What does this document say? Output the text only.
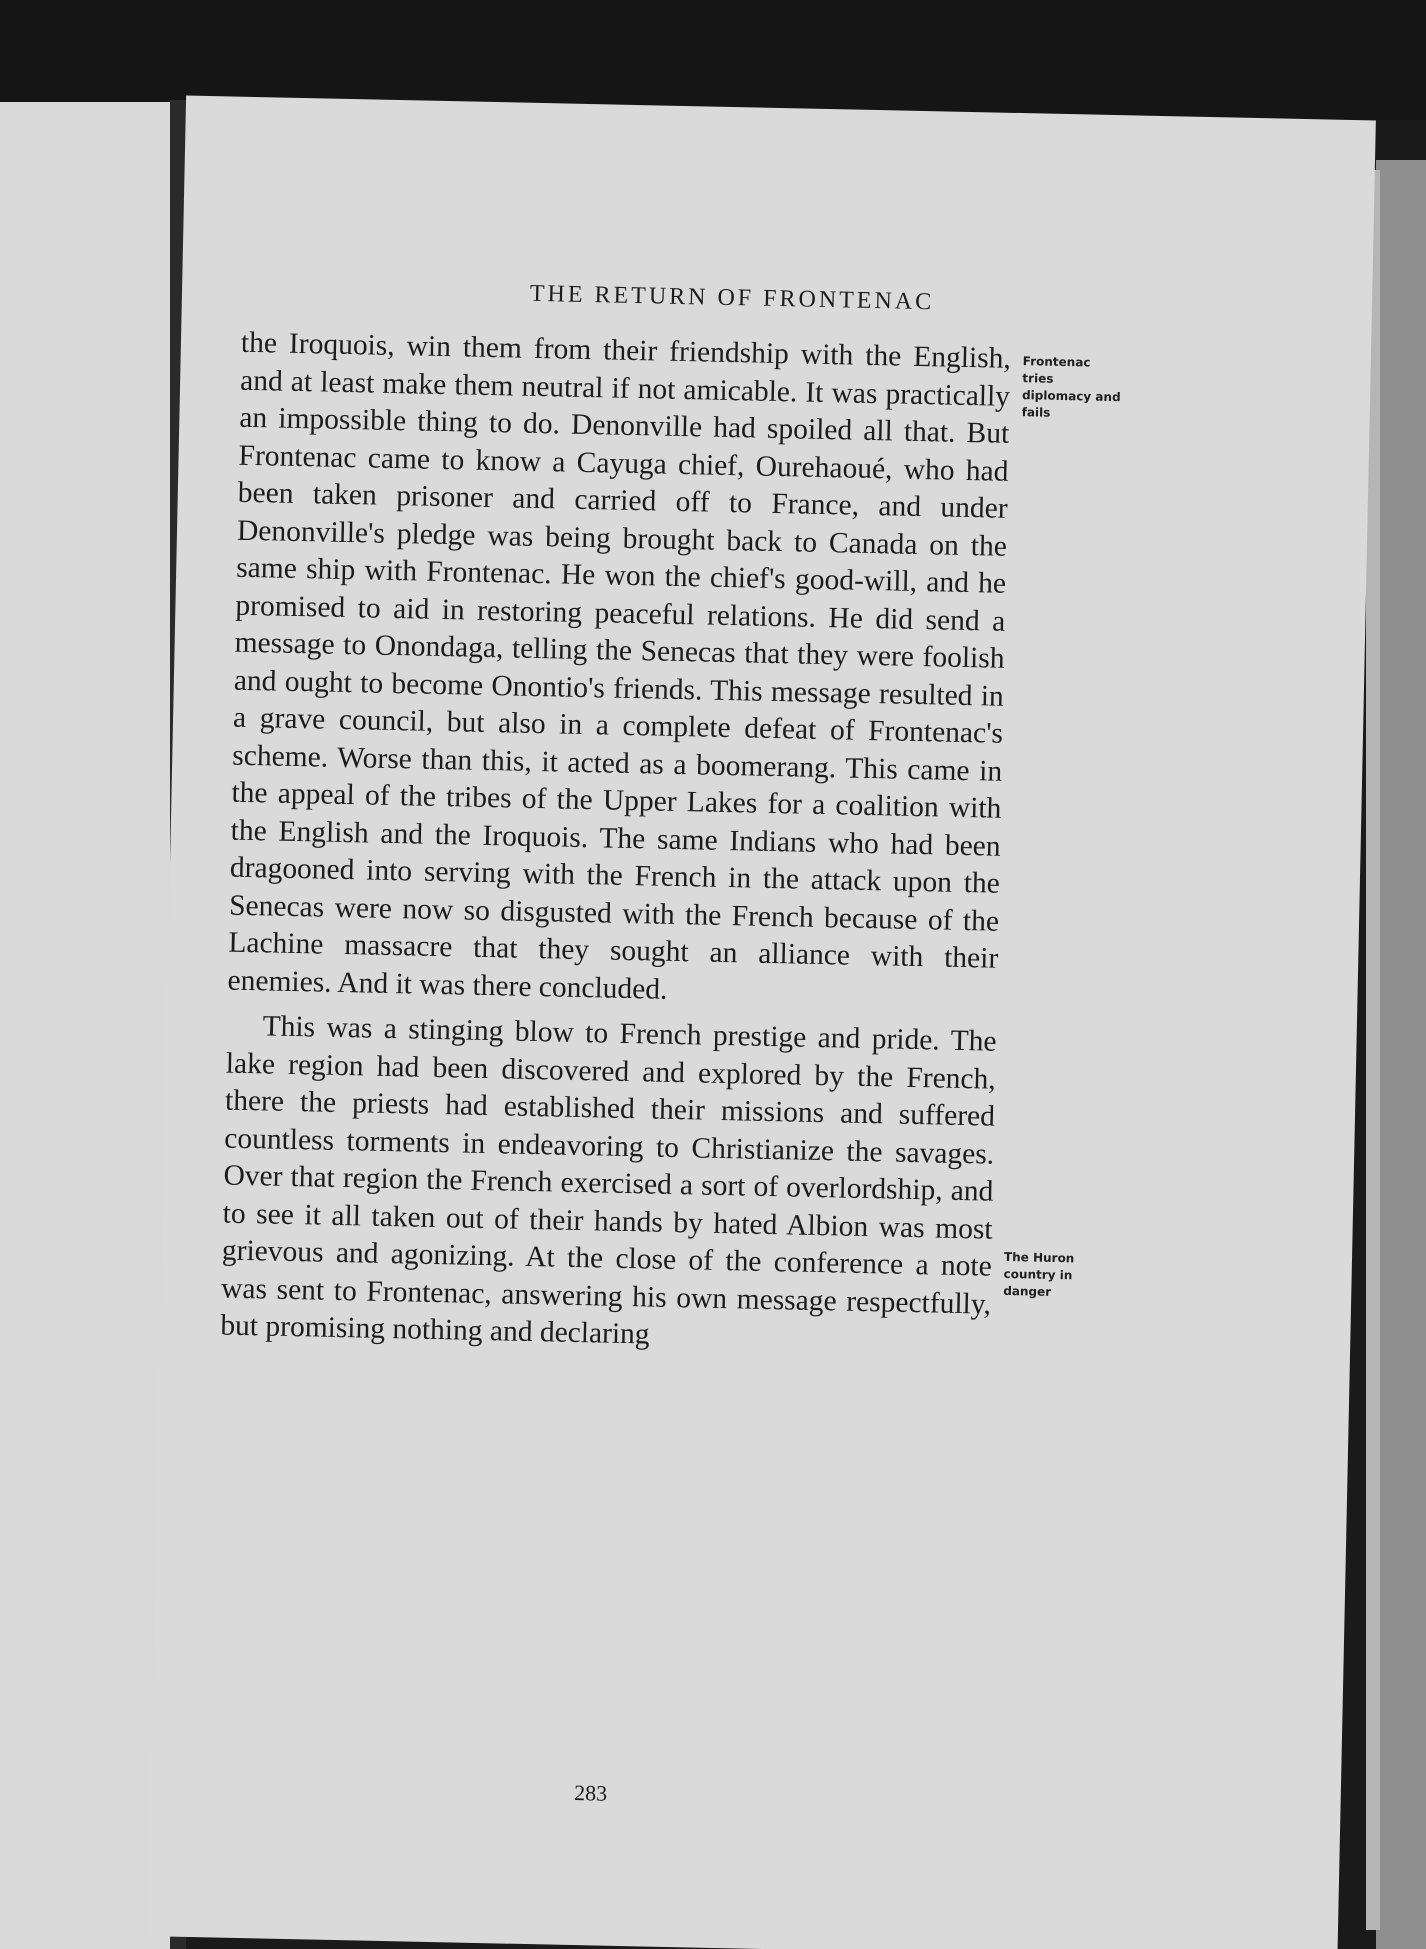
THE RETURN OF FRONTENAC

the Iroquois, win them from their friendship with the English, and at least make them neutral if not amicable. It was practically an impossible thing to do. Denonville had spoiled all that. But Frontenac came to know a Cayuga chief, Ourehaoué, who had been taken prisoner and carried off to France, and under Denonville's pledge was being brought back to Canada on the same ship with Frontenac. He won the chief's good-will, and he promised to aid in restoring peaceful relations. He did send a message to Onondaga, telling the Senecas that they were foolish and ought to become Onontio's friends. This message resulted in a grave council, but also in a complete defeat of Frontenac's scheme. Worse than this, it acted as a boomerang. This came in the appeal of the tribes of the Upper Lakes for a coalition with the English and the Iroquois. The same Indians who had been dragooned into serving with the French in the attack upon the Senecas were now so disgusted with the French because of the Lachine massacre that they sought an alliance with their enemies. And it was there concluded.

This was a stinging blow to French prestige and pride. The lake region had been discovered and explored by the French, there the priests had established their missions and suffered countless torments in endeavoring to Christianize the savages. Over that region the French exercised a sort of overlordship, and to see it all taken out of their hands by hated Albion was most grievous and agonizing. At the close of the conference a note was sent to Frontenac, answering his own message respectfully, but promising nothing and declaring

Frontenac tries diplomacy and fails
The Huron country in danger
283
